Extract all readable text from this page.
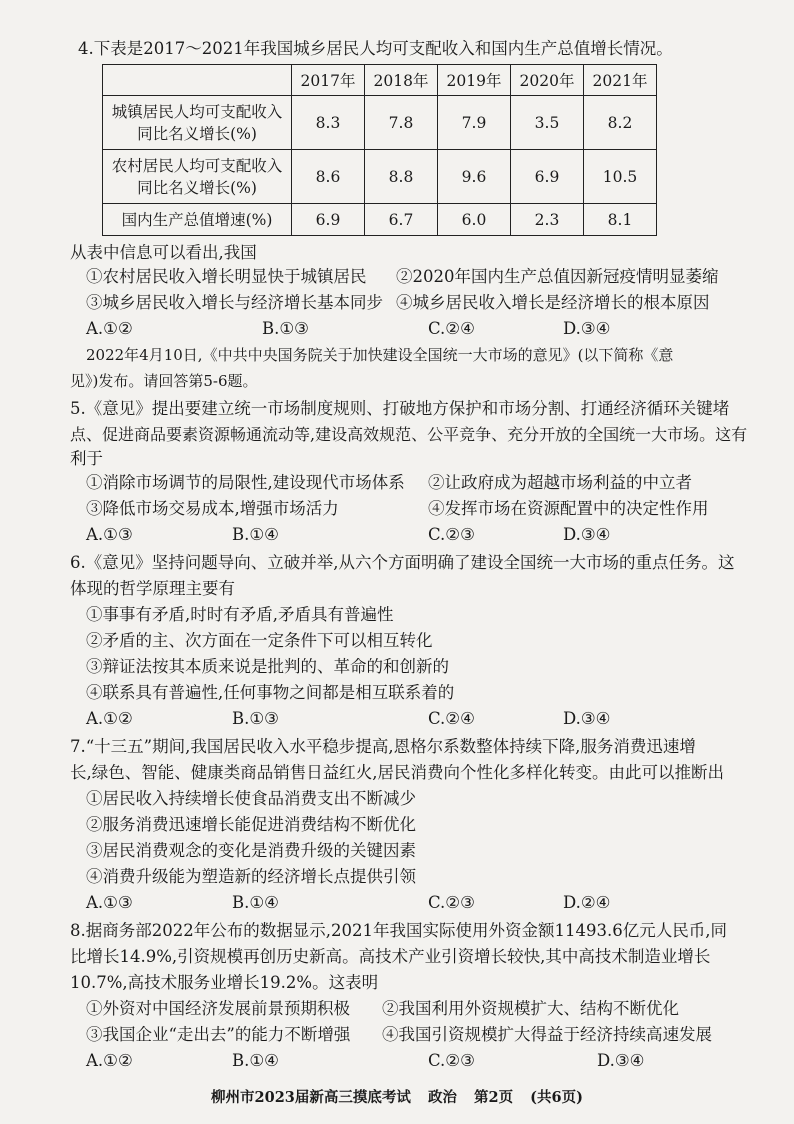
4.下表是2017～2021年我国城乡居民人均可支配收入和国内生产总值增长情况。
	2017年	2018年	2019年	2020年	2021年

城镇居民人均可支配收入
同比名义增长(%)	8.3	7.8	7.9	3.5	8.2

农村居民人均可支配收入
同比名义增长(%)	8.6	8.8	9.6	6.9	10.5

国内生产总值增速(%)	6.9	6.7	6.0	2.3	8.1
从表中信息可以看出,我国
①农村居民收入增长明显快于城镇居民 ②2020年国内生产总值因新冠疫情明显萎缩
③城乡居民收入增长与经济增长基本同步 ④城乡居民收入增长是经济增长的根本原因
A.①②	B.①③	C.②④	D.③④
2022年4月10日,《中共中央国务院关于加快建设全国统一大市场的意见》(以下简称《意
见》)发布。请回答第5-6题。
5.《意见》提出要建立统一市场制度规则、打破地方保护和市场分割、打通经济循环关键堵
点、促进商品要素资源畅通流动等,建设高效规范、公平竞争、充分开放的全国统一大市场。这有
利于
①消除市场调节的局限性,建设现代市场体系 ②让政府成为超越市场利益的中立者
③降低市场交易成本,增强市场活力	④发挥市场在资源配置中的决定性作用
A.①③	B.①④	C.②③	D.③④
6.《意见》坚持问题导向、立破并举,从六个方面明确了建设全国统一大市场的重点任务。这
体现的哲学原理主要有
①事事有矛盾,时时有矛盾,矛盾具有普遍性
②矛盾的主、次方面在一定条件下可以相互转化
③辩证法按其本质来说是批判的、革命的和创新的
④联系具有普遍性,任何事物之间都是相互联系着的
A.①②	B.①③	C.②④	D.③④
7.“十三五”期间,我国居民收入水平稳步提高,恩格尔系数整体持续下降,服务消费迅速增
长,绿色、智能、健康类商品销售日益红火,居民消费向个性化多样化转变。由此可以推断出
①居民收入持续增长使食品消费支出不断减少
②服务消费迅速增长能促进消费结构不断优化
③居民消费观念的变化是消费升级的关键因素
④消费升级能为塑造新的经济增长点提供引领
A.①③	B.①④	C.②③	D.②④
8.据商务部2022年公布的数据显示,2021年我国实际使用外资金额11493.6亿元人民币,同
比增长14.9%,引资规模再创历史新高。高技术产业引资增长较快,其中高技术制造业增长
10.7%,高技术服务业增长19.2%。这表明
①外资对中国经济发展前景预期积极 ②我国利用外资规模扩大、结构不断优化
③我国企业“走出去”的能力不断增强 ④我国引资规模扩大得益于经济持续高速发展
A.①②	B.①④	C.②③	D.③④
柳州市2023届新高三摸底考试 政治 第2页 (共6页)
